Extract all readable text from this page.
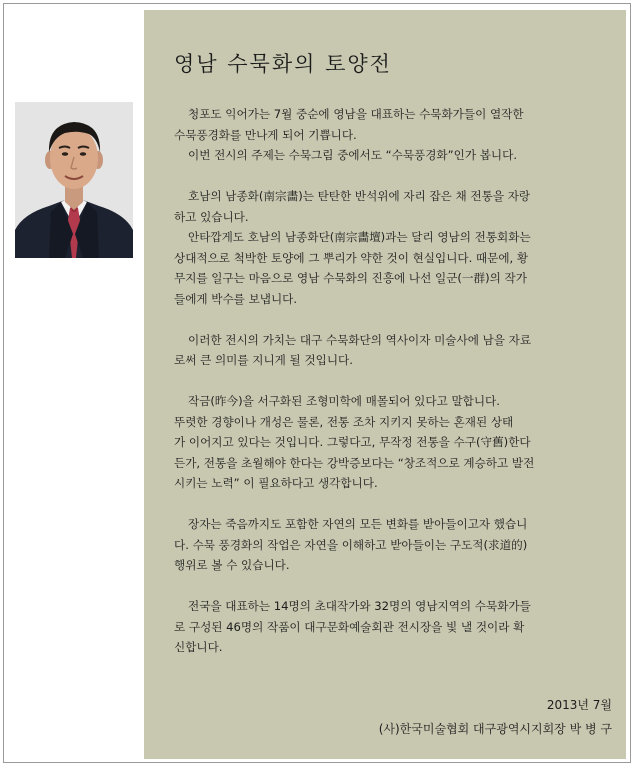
영남 수묵화의 토양전

청포도 익어가는 7월 중순에 영남을 대표하는 수묵화가들이 열작한
수묵풍경화를 만나게 되어 기쁩니다.
이번 전시의 주제는 수묵그림 중에서도 “수묵풍경화”인가 봅니다.

호남의 남종화(南宗畵)는 탄탄한 반석위에 자리 잡은 채 전통을 자랑
하고 있습니다.
안타깝게도 호남의 남종화단(南宗畵壇)과는 달리 영남의 전통회화는
상대적으로 척박한 토양에 그 뿌리가 약한 것이 현실입니다. 때문에, 황
무지를 일구는 마음으로 영남 수묵화의 진흥에 나선 일군(一群)의 작가
들에게 박수를 보냅니다.

이러한 전시의 가치는 대구 수묵화단의 역사이자 미술사에 남을 자료
로써 큰 의미를 지니게 될 것입니다.

작금(昨今)을 서구화된 조형미학에 매몰되어 있다고 말합니다.
뚜렷한 경향이나 개성은 물론, 전통 조차 지키지 못하는 혼재된 상태
가 이어지고 있다는 것입니다. 그렇다고, 무작정 전통을 수구(守舊)한다
든가, 전통을 초월해야 한다는 강박증보다는 “창조적으로 계승하고 발전
시키는 노력” 이 필요하다고 생각합니다.

장자는 죽음까지도 포함한 자연의 모든 변화를 받아들이고자 했습니
다. 수묵 풍경화의 작업은 자연을 이해하고 받아들이는 구도적(求道的)
행위로 볼 수 있습니다.

전국을 대표하는 14명의 초대작가와 32명의 영남지역의 수묵화가들
로 구성된 46명의 작품이 대구문화예술회관 전시장을 빛 낼 것이라 확
신합니다.

2013년 7월
(사)한국미술협회 대구광역시지회장 박 병 구
